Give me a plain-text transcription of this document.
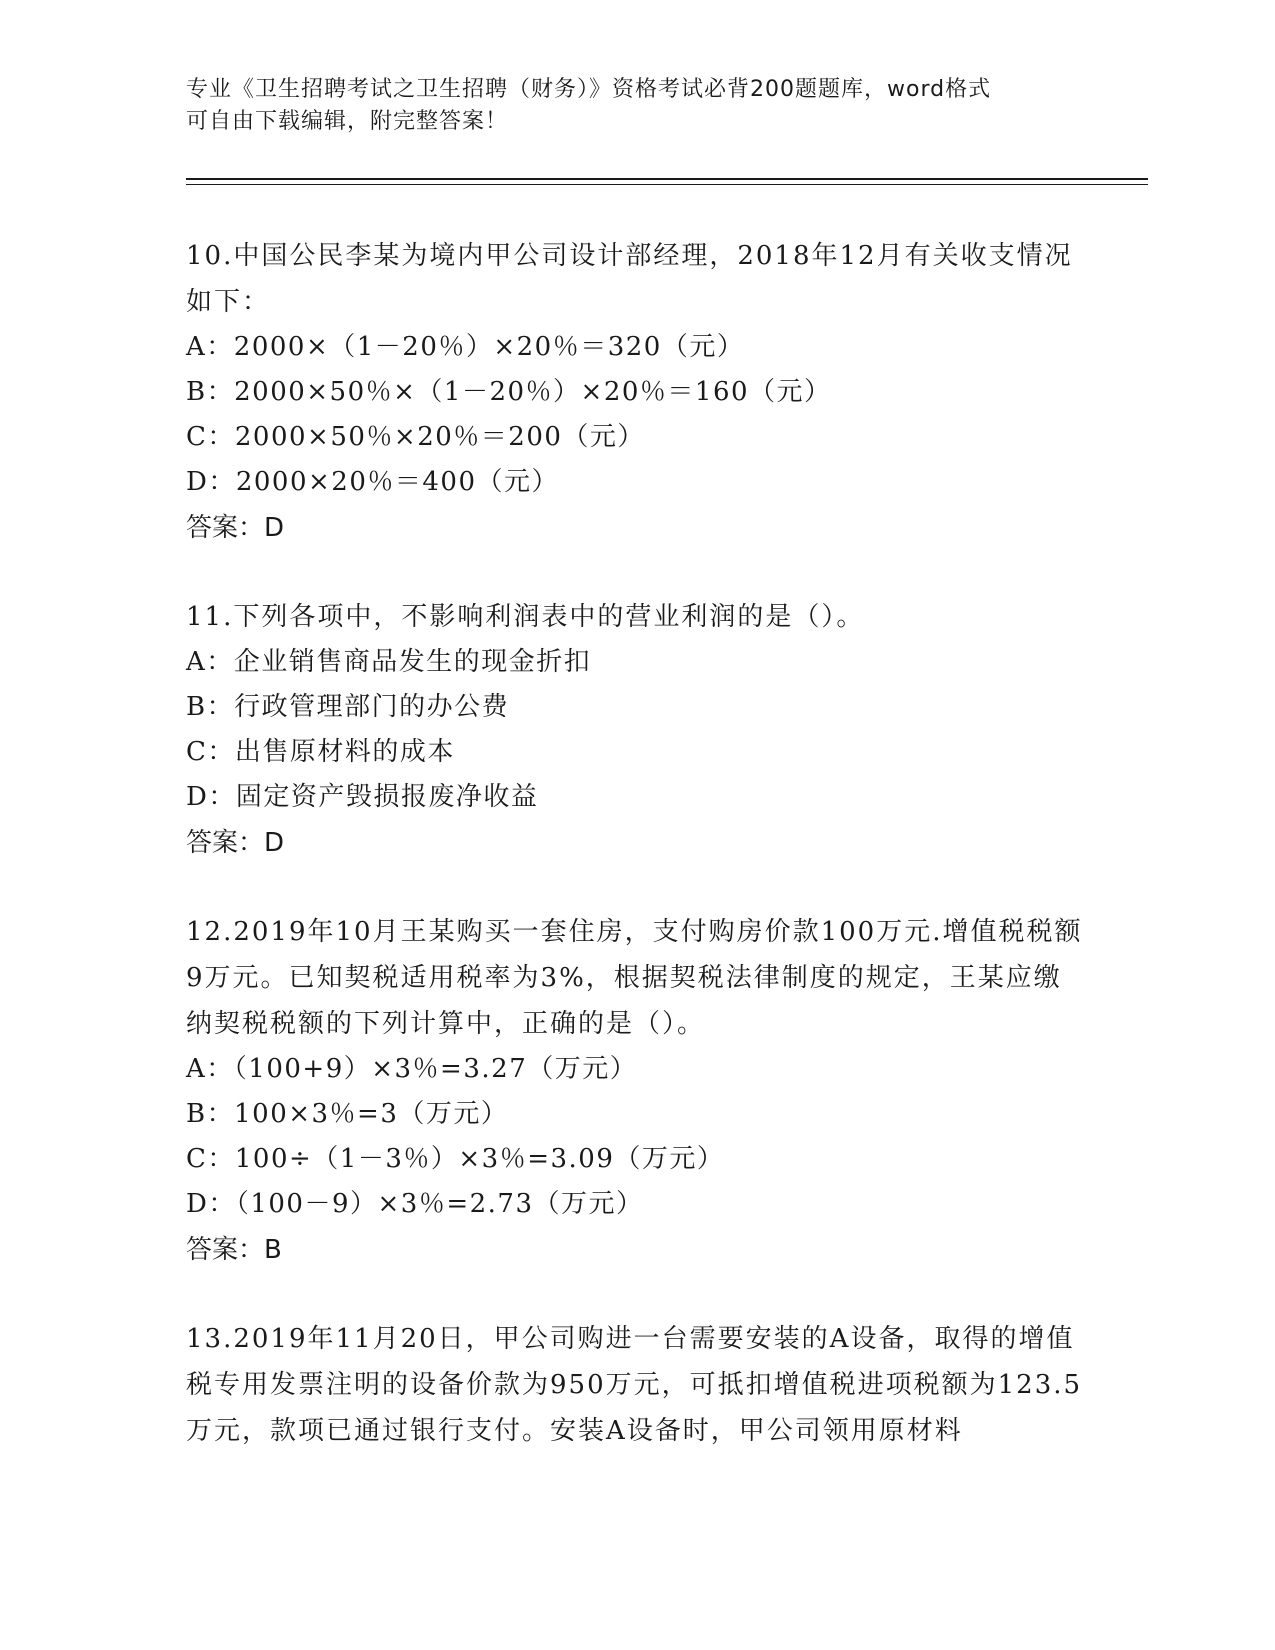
专业《卫生招聘考试之卫生招聘（财务）》资格考试必背200题题库，word格式
可自由下载编辑，附完整答案！

10.中国公民李某为境内甲公司设计部经理，2018年12月有关收支情况如下：

A：2000×（1－20％）×20％＝320（元）

B：2000×50％×（1－20％）×20％＝160（元）

C：2000×50％×20％＝200（元）

D：2000×20％＝400（元）

答案：D

11.下列各项中，不影响利润表中的营业利润的是（）。

A：企业销售商品发生的现金折扣

B：行政管理部门的办公费

C：出售原材料的成本

D：固定资产毁损报废净收益

答案：D

12.2019年10月王某购买一套住房，支付购房价款100万元.增值税税额9万元。已知契税适用税率为3%，根据契税法律制度的规定，王某应缴纳契税税额的下列计算中，正确的是（）。

A：（100+9）×3％=3.27（万元）

B：100×3％=3（万元）

C：100÷（1－3％）×3％=3.09（万元）

D：（100－9）×3％=2.73（万元）

答案：B

13.2019年11月20日，甲公司购进一台需要安装的A设备，取得的增值税专用发票注明的设备价款为950万元，可抵扣增值税进项税额为123.5万元，款项已通过银行支付。安装A设备时，甲公司领用原材料
